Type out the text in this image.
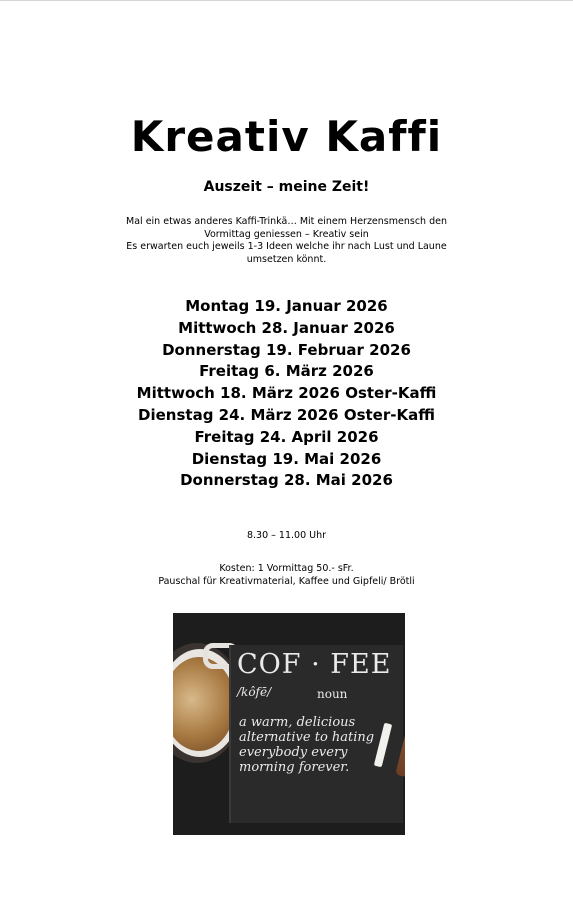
Kreativ Kaffi
Auszeit – meine Zeit!
Mal ein etwas anderes Kaffi-Trinkä… Mit einem Herzensmensch den
Vormittag geniessen – Kreativ sein
Es erwarten euch jeweils 1-3 Ideen welche ihr nach Lust und Laune
umsetzen könnt.
Montag 19. Januar 2026
Mittwoch 28. Januar 2026
Donnerstag 19. Februar 2026
Freitag 6. März 2026
Mittwoch 18. März 2026 Oster-Kaffi
Dienstag 24. März 2026 Oster-Kaffi
Freitag 24. April 2026
Dienstag 19. Mai 2026
Donnerstag 28. Mai 2026
8.30 – 11.00 Uhr
Kosten: 1 Vormittag 50.- sFr.
Pauschal für Kreativmaterial, Kaffee und Gipfeli/ Brötli
COF · FEE
/kôfē/	noun
a warm, delicious alternative to hating everybody every morning forever.
